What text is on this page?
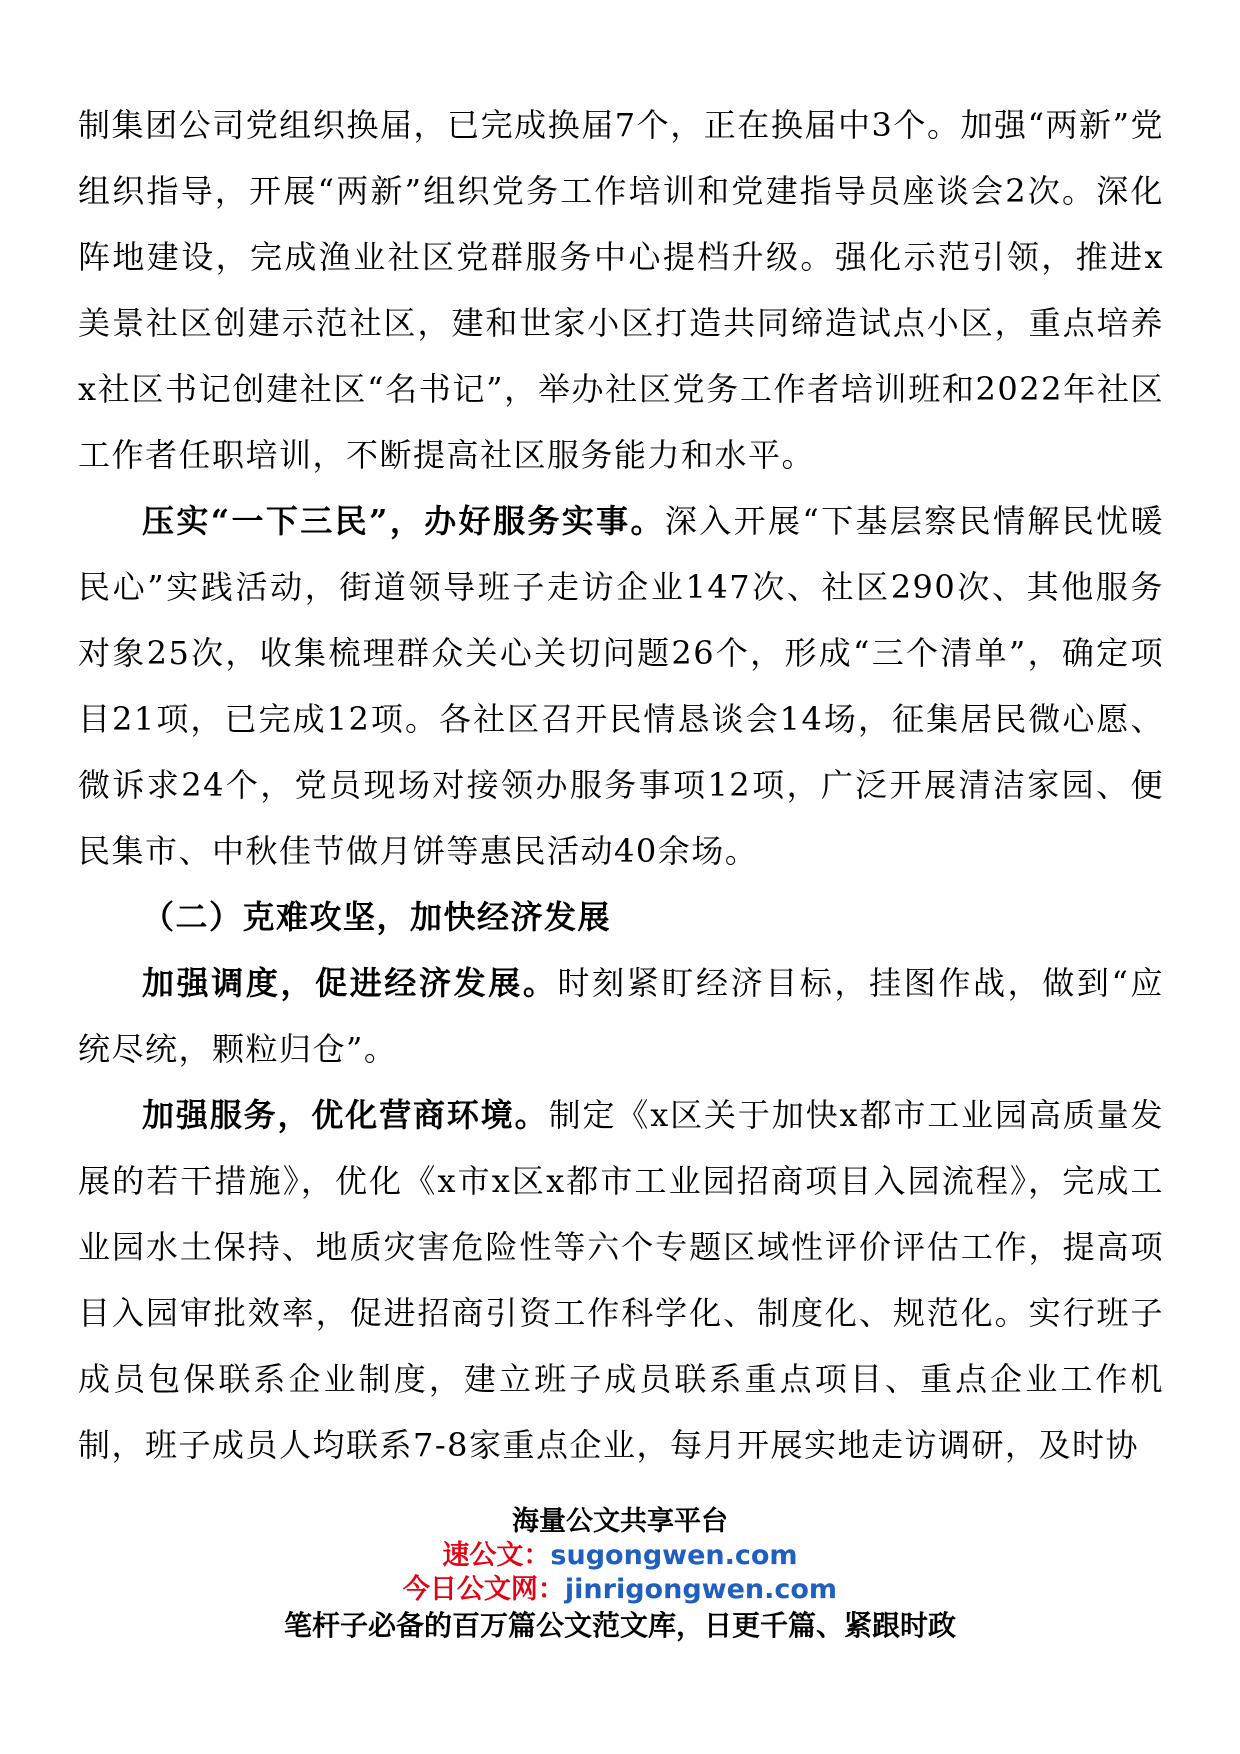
制集团公司党组织换届，已完成换届7个，正在换届中3个。加强“两新”党组织指导，开展“两新”组织党务工作培训和党建指导员座谈会2次。深化阵地建设，完成渔业社区党群服务中心提档升级。强化示范引领，推进x美景社区创建示范社区，建和世家小区打造共同缔造试点小区，重点培养x社区书记创建社区“名书记”，举办社区党务工作者培训班和2022年社区工作者任职培训，不断提高社区服务能力和水平。

压实“一下三民”，办好服务实事。深入开展“下基层察民情解民忧暖民心”实践活动，街道领导班子走访企业147次、社区290次、其他服务对象25次，收集梳理群众关心关切问题26个，形成“三个清单”，确定项目21项，已完成12项。各社区召开民情恳谈会14场，征集居民微心愿、微诉求24个，党员现场对接领办服务事项12项，广泛开展清洁家园、便民集市、中秋佳节做月饼等惠民活动40余场。

（二）克难攻坚，加快经济发展

加强调度，促进经济发展。时刻紧盯经济目标，挂图作战，做到“应统尽统，颗粒归仓”。

加强服务，优化营商环境。制定《x区关于加快x都市工业园高质量发展的若干措施》，优化《x市x区x都市工业园招商项目入园流程》，完成工业园水土保持、地质灾害危险性等六个专题区域性评价评估工作，提高项目入园审批效率，促进招商引资工作科学化、制度化、规范化。实行班子成员包保联系企业制度，建立班子成员联系重点项目、重点企业工作机制，班子成员人均联系7-8家重点企业，每月开展实地走访调研，及时协

海量公文共享平台
速公文：sugongwen.com
今日公文网：jinrigongwen.com
笔杆子必备的百万篇公文范文库，日更千篇、紧跟时政
